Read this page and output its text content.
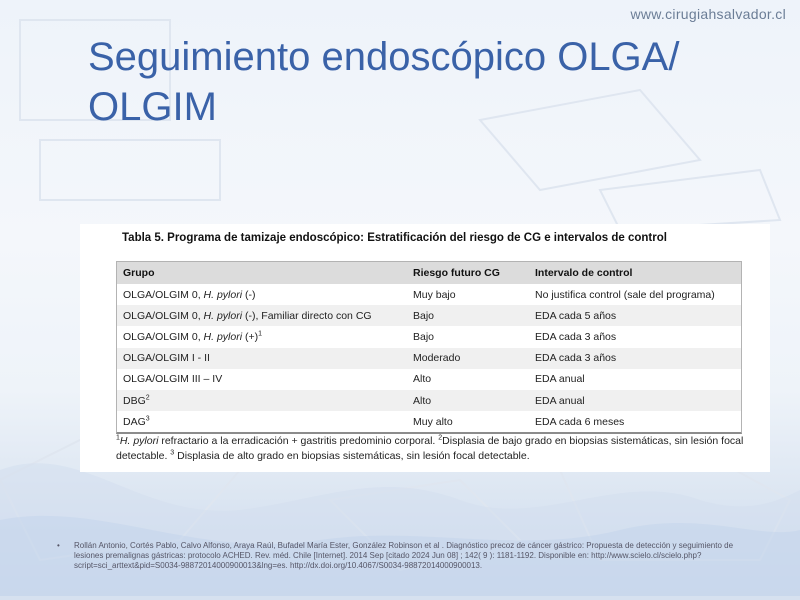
www.cirugiahsalvador.cl
Seguimiento endoscópico OLGA/ OLGIM
Tabla 5. Programa de tamizaje endoscópico: Estratificación del riesgo de CG e intervalos de control
Grupo	Riesgo futuro CG	Intervalo de control
OLGA/OLGIM 0, H. pylori (-)	Muy bajo	No justifica control (sale del programa)
OLGA/OLGIM 0, H. pylori (-), Familiar directo con CG	Bajo	EDA cada 5 años
OLGA/OLGIM 0, H. pylori $(+)^1$	Bajo	EDA cada 3 años
OLGA/OLGIM I - II	Moderado	EDA cada 3 años
OLGA/OLGIM III – IV	Alto	EDA anual
DBG$^2$	Alto	EDA anual
DAG$^3$	Muy alto	EDA cada 6 meses
$^1$H. pylori refractario a la erradicación + gastritis predominio corporal. $^2$Displasia de bajo grado en biopsias sistemáticas, sin lesión focal detectable. $^3$ Displasia de alto grado en biopsias sistemáticas, sin lesión focal detectable.
• Rollán Antonio, Cortés Pablo, Calvo Alfonso, Araya Raúl, Bufadel María Ester, González Robinson et al . Diagnóstico precoz de cáncer gástrico: Propuesta de detección y seguimiento de lesiones premalignas gástricas: protocolo ACHED. Rev. méd. Chile [Internet]. 2014 Sep [citado 2024 Jun 08] ; 142( 9 ): 1181-1192. Disponible en: http://www.scielo.cl/scielo.php?script=sci_arttext&pid=S0034-98872014000900013&lng=es. http://dx.doi.org/10.4067/S0034-98872014000900013.
